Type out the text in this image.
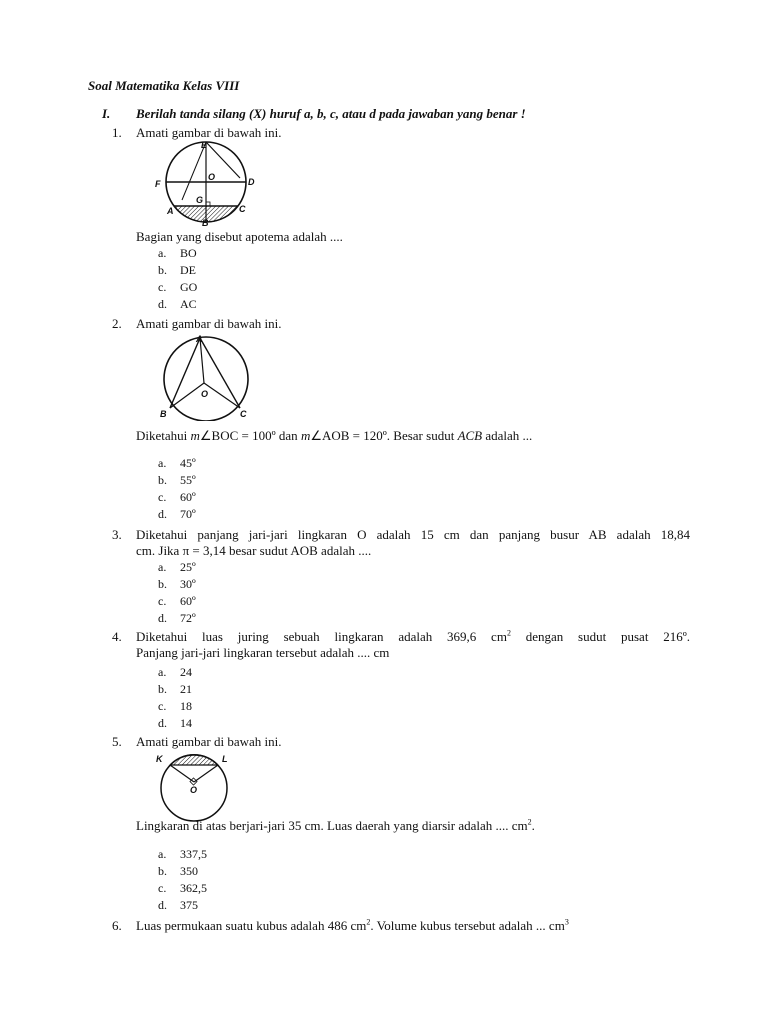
Soal Matematika Kelas VIII
I. Berilah tanda silang (X) huruf a, b, c, atau d pada jawaban yang benar !
1.	Amati gambar di bawah ini.
E
O
F	D
G
A	C
B
Bagian yang disebut apotema adalah ....
a. BO
b. DE
c. GO
d. AC
2.	Amati gambar di bawah ini.
A
O
B	C
Diketahui m∠BOC = 100º dan m∠AOB = 120º. Besar sudut ACB adalah ...
a. 45º
b. 55º
c. 60º
d. 70º
3.	Diketahui panjang jari-jari lingkaran O adalah 15 cm dan panjang busur AB adalah 18,84
cm. Jika π = 3,14 besar sudut AOB adalah ....
a. 25º
b. 30º
c. 60º
d. 72º
4.	Diketahui luas juring sebuah lingkaran adalah 369,6 $cm^2$ dengan sudut pusat 216º.
Panjang jari-jari lingkaran tersebut adalah .... cm
a. 24
b. 21
c. 18
d. 14
5.	Amati gambar di bawah ini.
K	L
O
Lingkaran di atas berjari-jari 35 cm. Luas daerah yang diarsir adalah .... $cm^2$.
a. 337,5
b. 350
c. 362,5
d. 375
6.	Luas permukaan suatu kubus adalah 486 $cm^2$. Volume kubus tersebut adalah ... $cm^3$
